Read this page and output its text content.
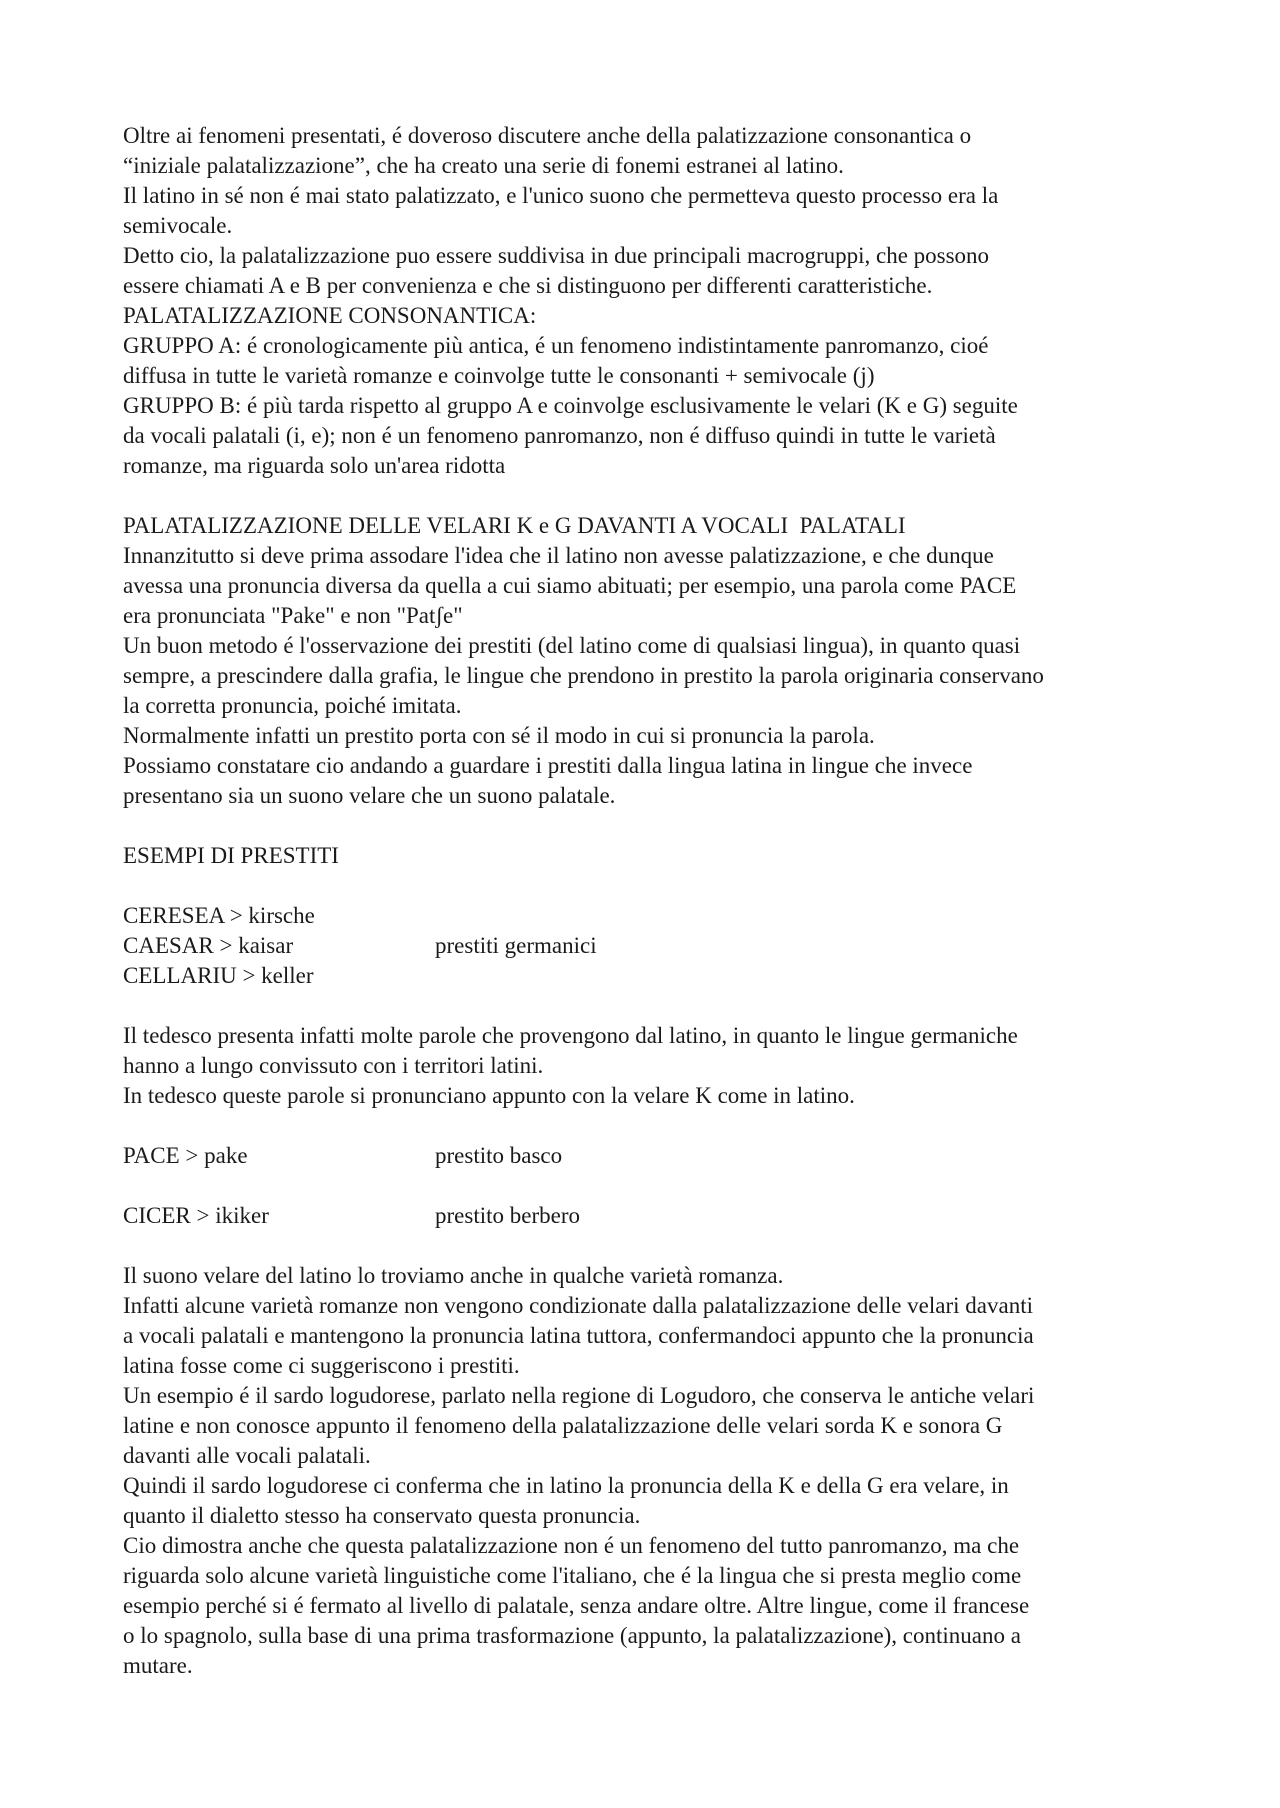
Oltre ai fenomeni presentati, é doveroso discutere anche della palatizzazione consonantica o

“iniziale palatalizzazione”, che ha creato una serie di fonemi estranei al latino.

Il latino in sé non é mai stato palatizzato, e l'unico suono che permetteva questo processo era la

semivocale.

Detto cio, la palatalizzazione puo essere suddivisa in due principali macrogruppi, che possono

essere chiamati A e B per convenienza e che si distinguono per differenti caratteristiche.

PALATALIZZAZIONE CONSONANTICA:

GRUPPO A: é cronologicamente più antica, é un fenomeno indistintamente panromanzo, cioé

diffusa in tutte le varietà romanze e coinvolge tutte le consonanti + semivocale (j)

GRUPPO B: é più tarda rispetto al gruppo A e coinvolge esclusivamente le velari (K e G) seguite

da vocali palatali (i, e); non é un fenomeno panromanzo, non é diffuso quindi in tutte le varietà

romanze, ma riguarda solo un'area ridotta

PALATALIZZAZIONE DELLE VELARI K e G DAVANTI A VOCALI  PALATALI

Innanzitutto si deve prima assodare l'idea che il latino non avesse palatizzazione, e che dunque

avessa una pronuncia diversa da quella a cui siamo abituati; per esempio, una parola come PACE

era pronunciata "Pake" e non "Patʃe"

Un buon metodo é l'osservazione dei prestiti (del latino come di qualsiasi lingua), in quanto quasi

sempre, a prescindere dalla grafia, le lingue che prendono in prestito la parola originaria conservano

la corretta pronuncia, poiché imitata.

Normalmente infatti un prestito porta con sé il modo in cui si pronuncia la parola.

Possiamo constatare cio andando a guardare i prestiti dalla lingua latina in lingue che invece

presentano sia un suono velare che un suono palatale.

ESEMPI DI PRESTITI

CERESEA > kirsche
CAESAR > kaisar	prestiti germanici
CELLARIU > keller

Il tedesco presenta infatti molte parole che provengono dal latino, in quanto le lingue germaniche

hanno a lungo convissuto con i territori latini.

In tedesco queste parole si pronunciano appunto con la velare K come in latino.

PACE > pake	prestito basco
CICER > ikiker	prestito berbero

Il suono velare del latino lo troviamo anche in qualche varietà romanza.

Infatti alcune varietà romanze non vengono condizionate dalla palatalizzazione delle velari davanti

a vocali palatali e mantengono la pronuncia latina tuttora, confermandoci appunto che la pronuncia

latina fosse come ci suggeriscono i prestiti.

Un esempio é il sardo logudorese, parlato nella regione di Logudoro, che conserva le antiche velari

latine e non conosce appunto il fenomeno della palatalizzazione delle velari sorda K e sonora G

davanti alle vocali palatali.

Quindi il sardo logudorese ci conferma che in latino la pronuncia della K e della G era velare, in

quanto il dialetto stesso ha conservato questa pronuncia.

Cio dimostra anche che questa palatalizzazione non é un fenomeno del tutto panromanzo, ma che

riguarda solo alcune varietà linguistiche come l'italiano, che é la lingua che si presta meglio come

esempio perché si é fermato al livello di palatale, senza andare oltre. Altre lingue, come il francese

o lo spagnolo, sulla base di una prima trasformazione (appunto, la palatalizzazione), continuano a

mutare.
